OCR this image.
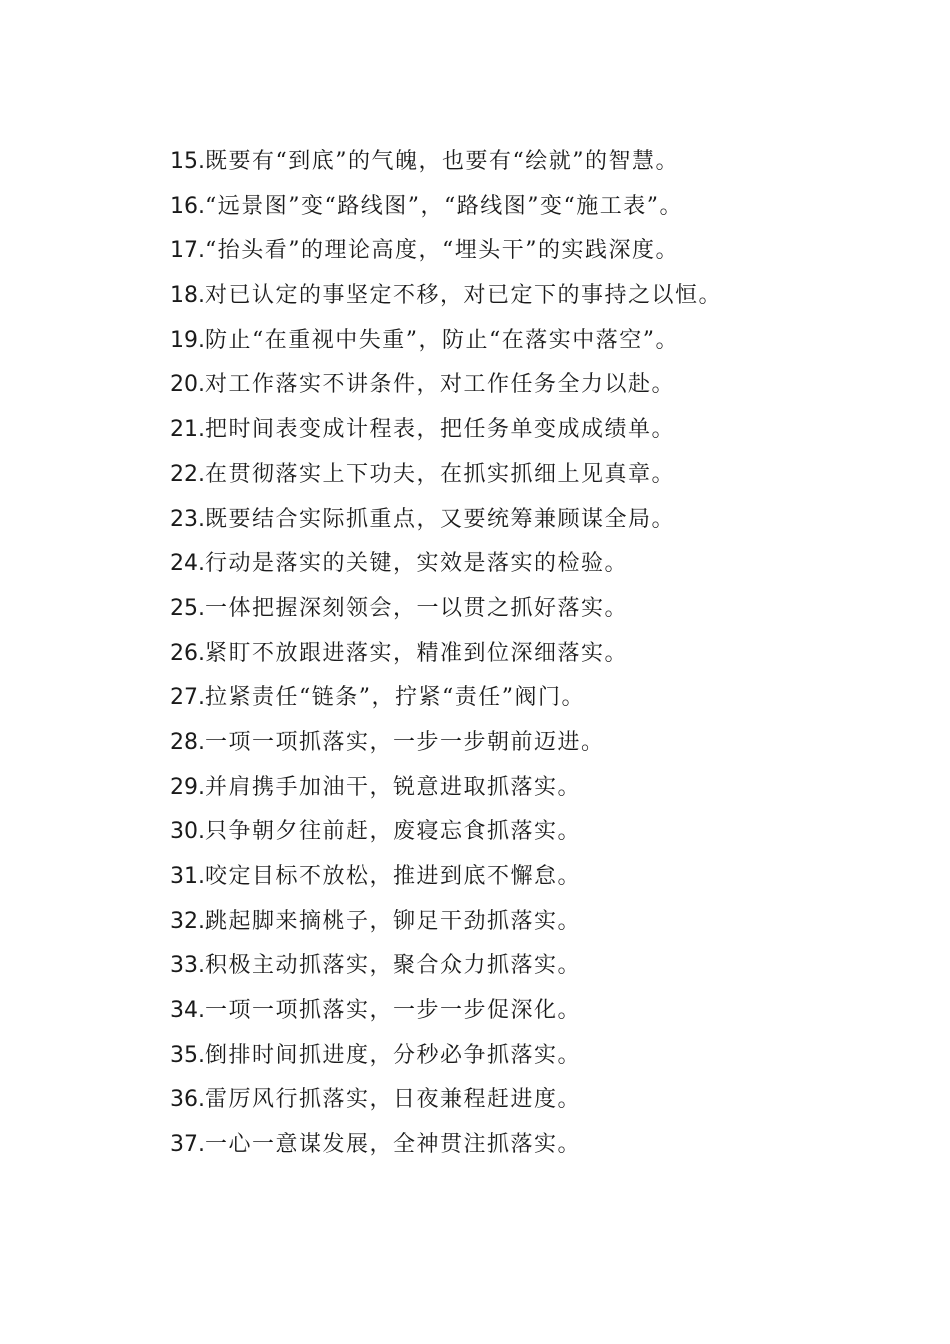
15.既要有“到底”的气魄，也要有“绘就”的智慧。
16.“远景图”变“路线图”，“路线图”变“施工表”。
17.“抬头看”的理论高度，“埋头干”的实践深度。
18.对已认定的事坚定不移，对已定下的事持之以恒。
19.防止“在重视中失重”，防止“在落实中落空”。
20.对工作落实不讲条件，对工作任务全力以赴。
21.把时间表变成计程表，把任务单变成成绩单。
22.在贯彻落实上下功夫，在抓实抓细上见真章。
23.既要结合实际抓重点，又要统筹兼顾谋全局。
24.行动是落实的关键，实效是落实的检验。
25.一体把握深刻领会，一以贯之抓好落实。
26.紧盯不放跟进落实，精准到位深细落实。
27.拉紧责任“链条”，拧紧“责任”阀门。
28.一项一项抓落实，一步一步朝前迈进。
29.并肩携手加油干，锐意进取抓落实。
30.只争朝夕往前赶，废寝忘食抓落实。
31.咬定目标不放松，推进到底不懈怠。
32.跳起脚来摘桃子，铆足干劲抓落实。
33.积极主动抓落实，聚合众力抓落实。
34.一项一项抓落实，一步一步促深化。
35.倒排时间抓进度，分秒必争抓落实。
36.雷厉风行抓落实，日夜兼程赶进度。
37.一心一意谋发展，全神贯注抓落实。
